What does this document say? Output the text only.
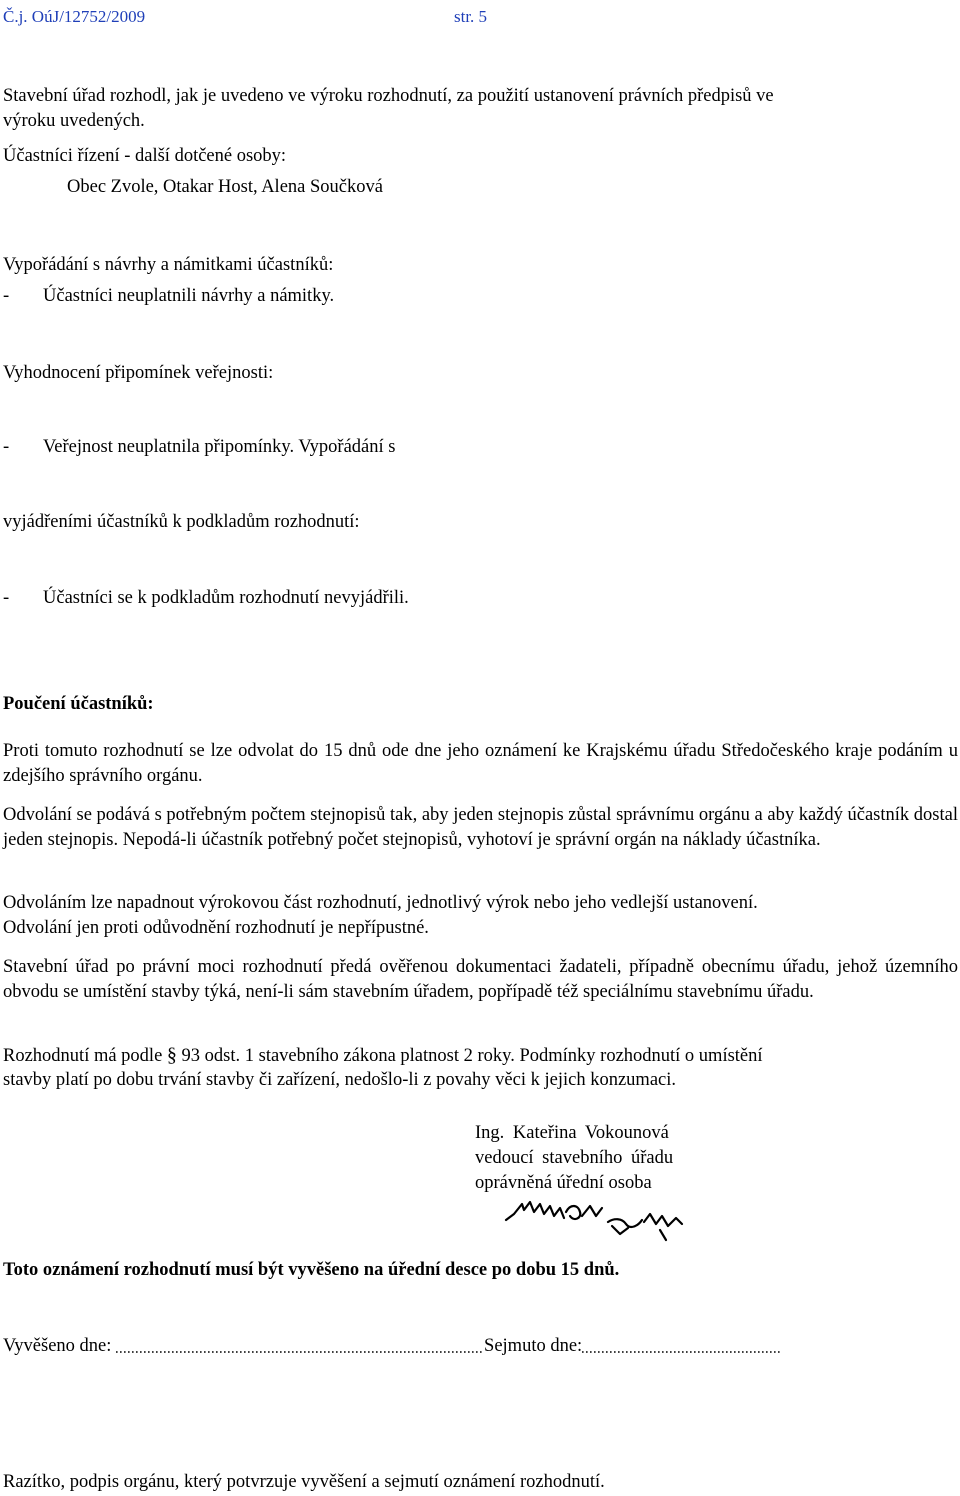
Č.j. OúJ/12752/2009	str. 5
Stavební úřad rozhodl, jak je uvedeno ve výroku rozhodnutí, za použití ustanovení právních předpisů ve
výroku uvedených.
Účastníci řízení - další dotčené osoby:
Obec Zvole, Otakar Host, Alena Součková
Vypořádání s návrhy a námitkami účastníků:
- Účastníci neuplatnili návrhy a námitky.
Vyhodnocení připomínek veřejnosti:
- Veřejnost neuplatnila připomínky. Vypořádání s
vyjádřeními účastníků k podkladům rozhodnutí:
- Účastníci se k podkladům rozhodnutí nevyjádřili.
Poučení účastníků:
Proti tomuto rozhodnutí se lze odvolat do 15 dnů ode dne jeho oznámení ke Krajskému úřadu Středočeského kraje podáním u zdejšího správního orgánu.
Odvolání se podává s potřebným počtem stejnopisů tak, aby jeden stejnopis zůstal správnímu orgánu a aby každý účastník dostal jeden stejnopis. Nepodá-li účastník potřebný počet stejnopisů, vyhotoví je správní orgán na náklady účastníka.
Odvoláním lze napadnout výrokovou část rozhodnutí, jednotlivý výrok nebo jeho vedlejší ustanovení.
Odvolání jen proti odůvodnění rozhodnutí je nepřípustné.
Stavební úřad po právní moci rozhodnutí předá ověřenou dokumentaci žadateli, případně obecnímu úřadu, jehož územního obvodu se umístění stavby týká, není-li sám stavebním úřadem, popřípadě též speciálnímu stavebnímu úřadu.
Rozhodnutí má podle § 93 odst. 1 stavebního zákona platnost 2 roky. Podmínky rozhodnutí o umístění
stavby platí po dobu trvání stavby či zařízení, nedošlo-li z povahy věci k jejich konzumaci.
Ing. Kateřina Vokounová
vedoucí stavebního úřadu
oprávněná úřední osoba
Toto oznámení rozhodnutí musí být vyvěšeno na úřední desce po dobu 15 dnů.
Vyvěšeno dne:	Sejmuto dne:
Razítko, podpis orgánu, který potvrzuje vyvěšení a sejmutí oznámení rozhodnutí.
